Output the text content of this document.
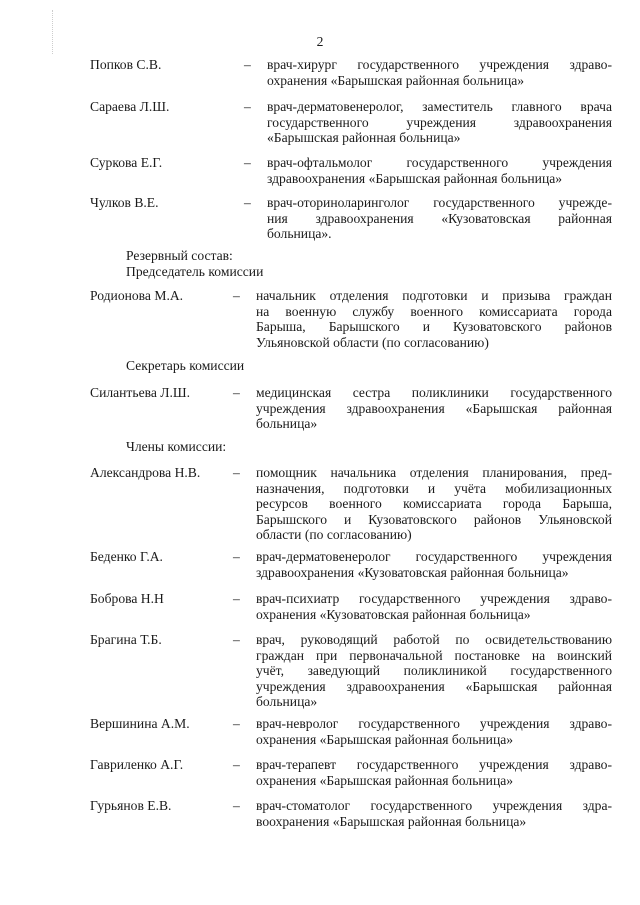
2
Попков С.В.	– врач-хирург государственного учреждения здраво-
охранения «Барышская районная больница»
Сараева Л.Ш.	– врач-дерматовенеролог, заместитель главного врача
государственного учреждения здравоохранения
«Барышская районная больница»
Суркова Е.Г.	– врач-офтальмолог государственного учреждения
здравоохранения «Барышская районная больница»
Чулков В.Е.	– врач-оториноларинголог государственного учрежде-
ния здравоохранения «Кузоватовская районная
больница».
Резервный состав:
Председатель комиссии
Родионова М.А.	– начальник отделения подготовки и призыва граждан
на военную службу военного комиссариата города
Барыша, Барышского и Кузоватовского районов
Ульяновской области (по согласованию)
Секретарь комиссии
Силантьева Л.Ш.	– медицинская сестра поликлиники государственного
учреждения здравоохранения «Барышская районная
больница»
Члены комиссии:
Александрова Н.В. – помощник начальника отделения планирования, пред-
назначения, подготовки и учёта мобилизационных
ресурсов военного комиссариата города Барыша,
Барышского и Кузоватовского районов Ульяновской
области (по согласованию)
Беденко Г.А.	– врач-дерматовенеролог государственного учреждения
здравоохранения «Кузоватовская районная больница»
Боброва Н.Н	– врач-психиатр государственного учреждения здраво-
охранения «Кузоватовская районная больница»
Брагина Т.Б.	– врач, руководящий работой по освидетельствованию
граждан при первоначальной постановке на воинский
учёт, заведующий поликлиникой государственного
учреждения здравоохранения «Барышская районная
больница»
Вершинина А.М.	– врач-невролог государственного учреждения здраво-
охранения «Барышская районная больница»
Гавриленко А.Г.	– врач-терапевт государственного учреждения здраво-
охранения «Барышская районная больница»
Гурьянов Е.В.	– врач-стоматолог государственного учреждения здра-
воохранения «Барышская районная больница»
